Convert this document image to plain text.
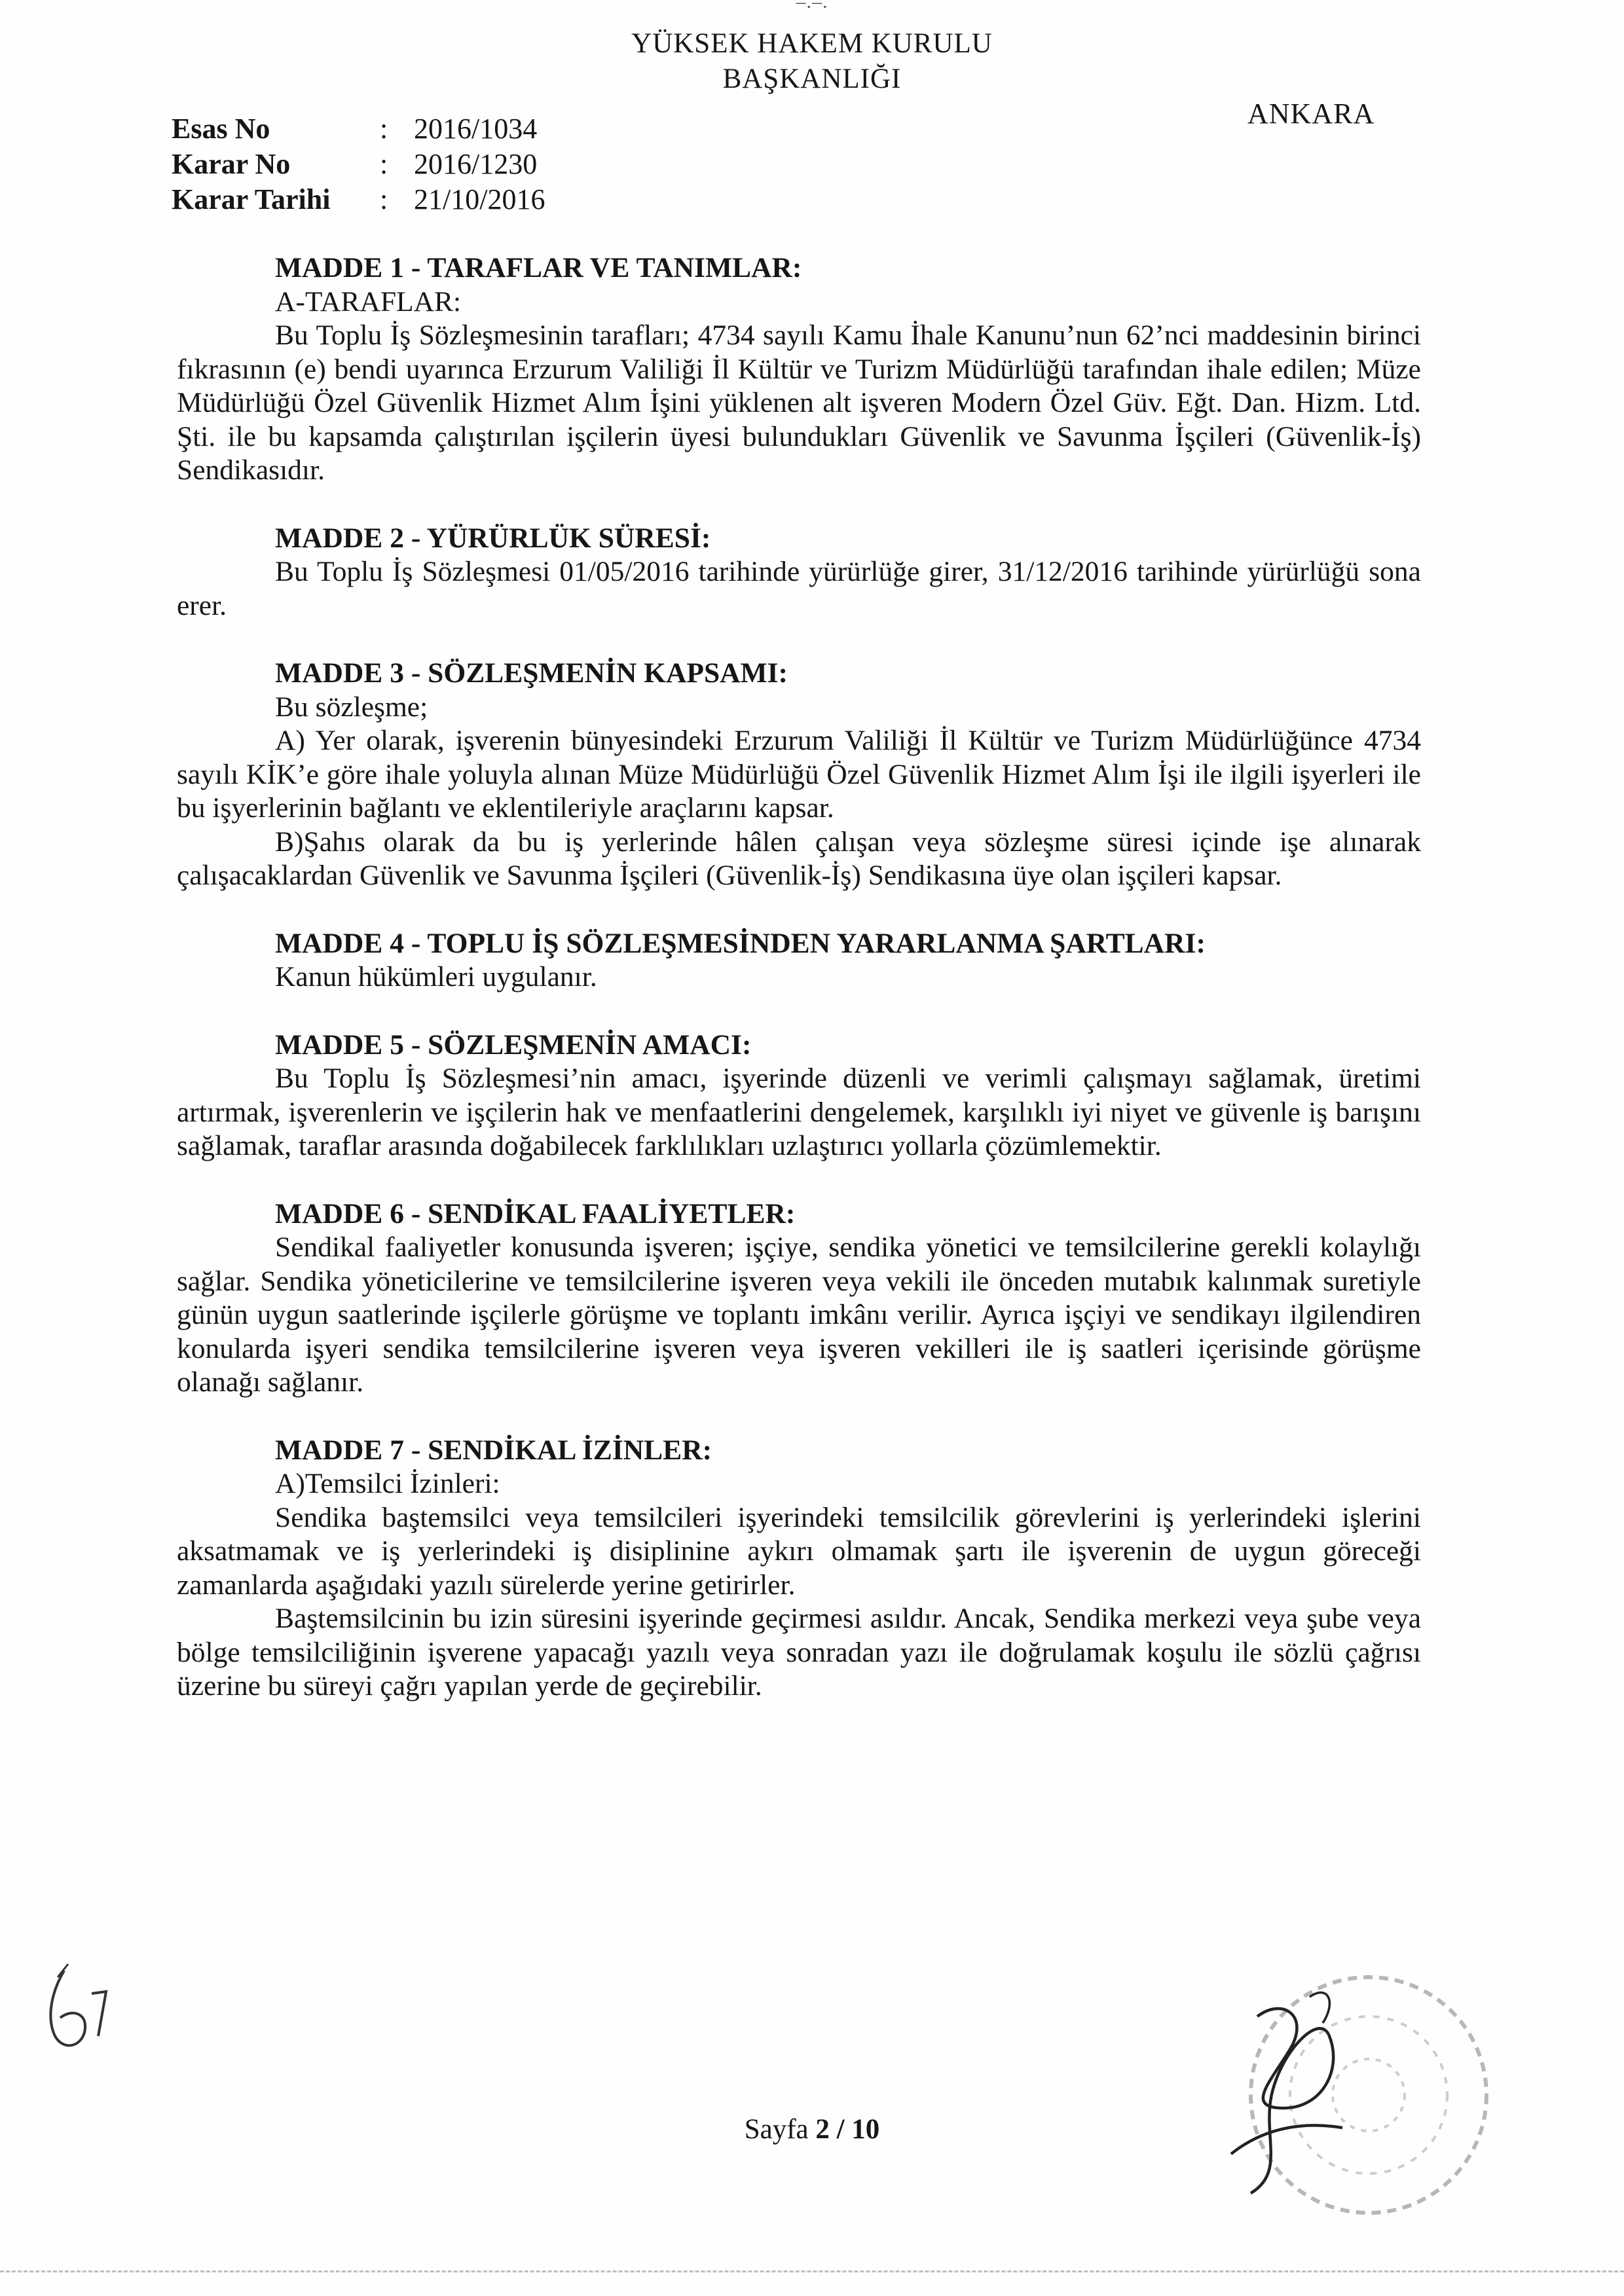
–.–.
YÜKSEK HAKEM KURULU
BAŞKANLIĞI
ANKARA
Esas No	: 2016/1034
Karar No	: 2016/1230
Karar Tarihi	: 21/10/2016

MADDE 1 - TARAFLAR VE TANIMLAR:

A-TARAFLAR:

Bu Toplu İş Sözleşmesinin tarafları; 4734 sayılı Kamu İhale Kanunu’nun 62’nci maddesinin birinci fıkrasının (e) bendi uyarınca Erzurum Valiliği İl Kültür ve Turizm Müdürlüğü tarafından ihale edilen; Müze Müdürlüğü Özel Güvenlik Hizmet Alım İşini yüklenen alt işveren Modern Özel Güv. Eğt. Dan. Hizm. Ltd. Şti. ile bu kapsamda çalıştırılan işçilerin üyesi bulundukları Güvenlik ve Savunma İşçileri (Güvenlik-İş) Sendikasıdır.

MADDE 2 - YÜRÜRLÜK SÜRESİ:

Bu Toplu İş Sözleşmesi 01/05/2016 tarihinde yürürlüğe girer, 31/12/2016 tarihinde yürürlüğü sona erer.

MADDE 3 - SÖZLEŞMENİN KAPSAMI:

Bu sözleşme;

A) Yer olarak, işverenin bünyesindeki Erzurum Valiliği İl Kültür ve Turizm Müdürlüğünce 4734 sayılı KİK’e göre ihale yoluyla alınan Müze Müdürlüğü Özel Güvenlik Hizmet Alım İşi ile ilgili işyerleri ile bu işyerlerinin bağlantı ve eklentileriyle araçlarını kapsar.

B)Şahıs olarak da bu iş yerlerinde hâlen çalışan veya sözleşme süresi içinde işe alınarak çalışacaklardan Güvenlik ve Savunma İşçileri (Güvenlik-İş) Sendikasına üye olan işçileri kapsar.

MADDE 4 - TOPLU İŞ SÖZLEŞMESİNDEN YARARLANMA ŞARTLARI:

Kanun hükümleri uygulanır.

MADDE 5 - SÖZLEŞMENİN AMACI:

Bu Toplu İş Sözleşmesi’nin amacı, işyerinde düzenli ve verimli çalışmayı sağlamak, üretimi artırmak, işverenlerin ve işçilerin hak ve menfaatlerini dengelemek, karşılıklı iyi niyet ve güvenle iş barışını sağlamak, taraflar arasında doğabilecek farklılıkları uzlaştırıcı yollarla çözümlemektir.

MADDE 6 - SENDİKAL FAALİYETLER:

Sendikal faaliyetler konusunda işveren; işçiye, sendika yönetici ve temsilcilerine gerekli kolaylığı sağlar. Sendika yöneticilerine ve temsilcilerine işveren veya vekili ile önceden mutabık kalınmak suretiyle günün uygun saatlerinde işçilerle görüşme ve toplantı imkânı verilir. Ayrıca işçiyi ve sendikayı ilgilendiren konularda işyeri sendika temsilcilerine işveren veya işveren vekilleri ile iş saatleri içerisinde görüşme olanağı sağlanır.

MADDE 7 - SENDİKAL İZİNLER:

A)Temsilci İzinleri:

Sendika baştemsilci veya temsilcileri işyerindeki temsilcilik görevlerini iş yerlerindeki işlerini aksatmamak ve iş yerlerindeki iş disiplinine aykırı olmamak şartı ile işverenin de uygun göreceği zamanlarda aşağıdaki yazılı sürelerde yerine getirirler.

Baştemsilcinin bu izin süresini işyerinde geçirmesi asıldır. Ancak, Sendika merkezi veya şube veya bölge temsilciliğinin işverene yapacağı yazılı veya sonradan yazı ile doğrulamak koşulu ile sözlü çağrısı üzerine bu süreyi çağrı yapılan yerde de geçirebilir.

Sayfa 2 / 10
